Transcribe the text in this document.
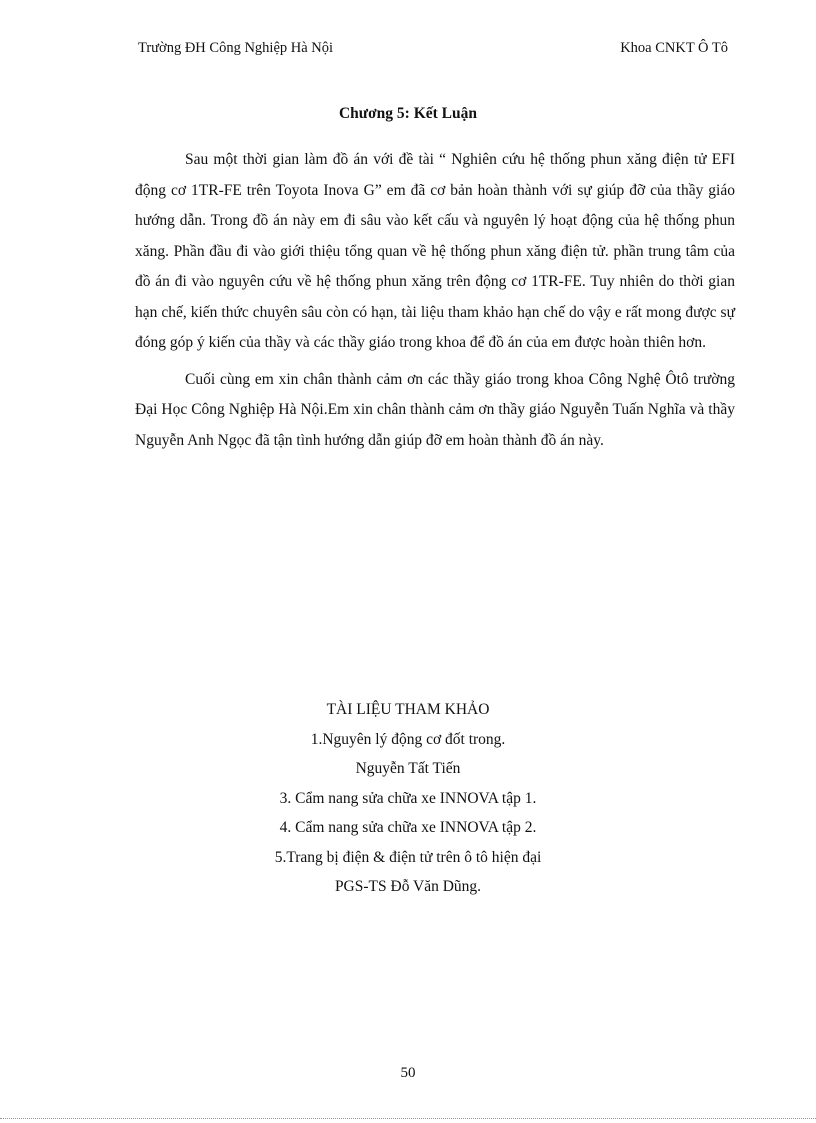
Trường ĐH Công Nghiệp Hà Nội	Khoa CNKT Ô Tô
Chương 5: Kết Luận

Sau một thời gian làm đồ án với đề tài “ Nghiên cứu hệ thống phun xăng điện tử EFI động cơ 1TR-FE trên Toyota Inova G” em đã cơ bản hoàn thành với sự giúp đỡ của thầy giáo hướng dẫn. Trong đồ án này em đi sâu vào kết cấu và nguyên lý hoạt động của hệ thống phun xăng. Phần đầu đi vào giới thiệu tổng quan về hệ thống phun xăng điện tử. phần trung tâm của đồ án đi vào nguyên cứu về hệ thống phun xăng trên động cơ 1TR-FE. Tuy nhiên do thời gian hạn chế, kiến thức chuyên sâu còn có hạn, tài liệu tham khảo hạn chế do vậy e rất mong được sự đóng góp ý kiến của thầy và các thầy giáo trong khoa để đồ án của em được hoàn thiên hơn.

Cuối cùng em xin chân thành cảm ơn các thầy giáo trong khoa Công Nghệ Ôtô trường Đại Học Công Nghiệp Hà Nội.Em xin chân thành cảm ơn thầy giáo Nguyễn Tuấn Nghĩa và thầy Nguyễn Anh Ngọc đã tận tình hướng dẫn giúp đỡ em hoàn thành đồ án này.

TÀI LIỆU THAM KHẢO
1.Nguyên lý động cơ đốt trong.
Nguyễn Tất Tiến
3. Cẩm nang sửa chữa xe INNOVA tập 1.
4. Cẩm nang sửa chữa xe INNOVA tập 2.
5.Trang bị điện & điện tử trên ô tô hiện đại
PGS-TS Đỗ Văn Dũng.
50
